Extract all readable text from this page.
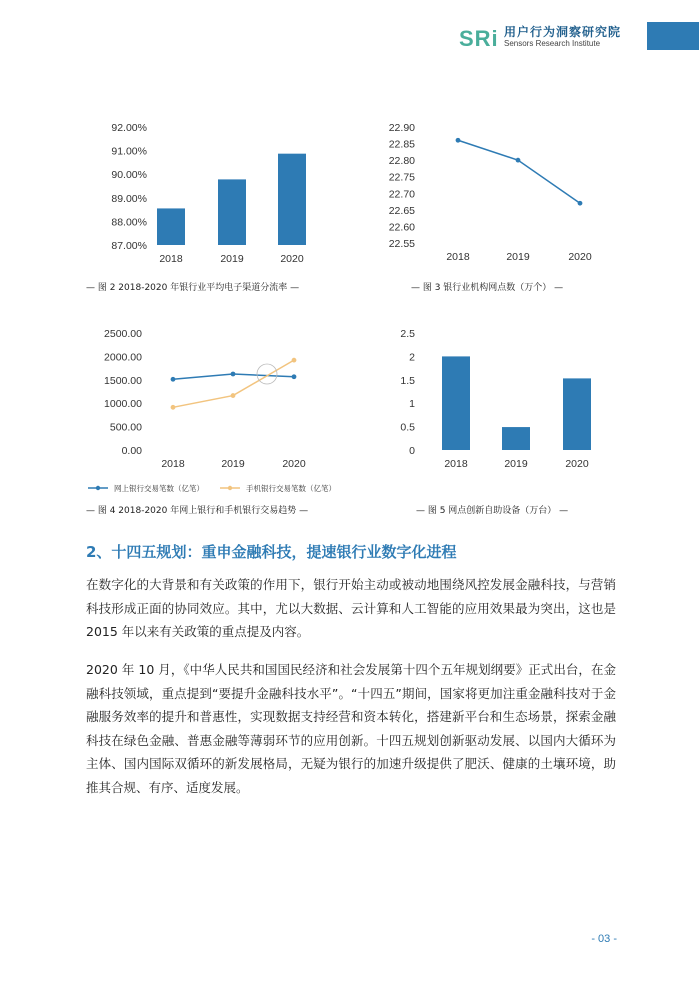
SRi 用户行为洞察研究院
Sensors Research Institute
92.00%
91.00%
90.00%
89.00%
88.00%
87.00%
2018	2019	2020
— 图 2 2018-2020 年银行业平均电子渠道分流率 —
22.90
22.85
22.80
22.75
22.70
22.65
22.60
22.55
2018	2019	2020
— 图 3 银行业机构网点数（万个） —
2500.00
2000.00
1500.00
1000.00
500.00
0.00
2018	2019	2020
网上银行交易笔数（亿笔）	手机银行交易笔数（亿笔）
— 图 4 2018-2020 年网上银行和手机银行交易趋势 —
2.5
2
1.5
1
0.5
0
2018	2019	2020
— 图 5 网点创新自助设备（万台） —
2、十四五规划：重申金融科技，提速银行业数字化进程
在数字化的大背景和有关政策的作用下，银行开始主动或被动地围绕风控发展金融科技，与营销科技形成正面的协同效应。其中，尤以大数据、云计算和人工智能的应用效果最为突出，这也是 2015 年以来有关政策的重点提及内容。
2020 年 10 月，《中华人民共和国国民经济和社会发展第十四个五年规划纲要》正式出台，在金融科技领域，重点提到“要提升金融科技水平”。“十四五”期间，国家将更加注重金融科技对于金融服务效率的提升和普惠性，实现数据支持经营和资本转化，搭建新平台和生态场景，探索金融科技在绿色金融、普惠金融等薄弱环节的应用创新。十四五规划创新驱动发展、以国内大循环为主体、国内国际双循环的新发展格局，无疑为银行的加速升级提供了肥沃、健康的土壤环境，助推其合规、有序、适度发展。
- 03 -
